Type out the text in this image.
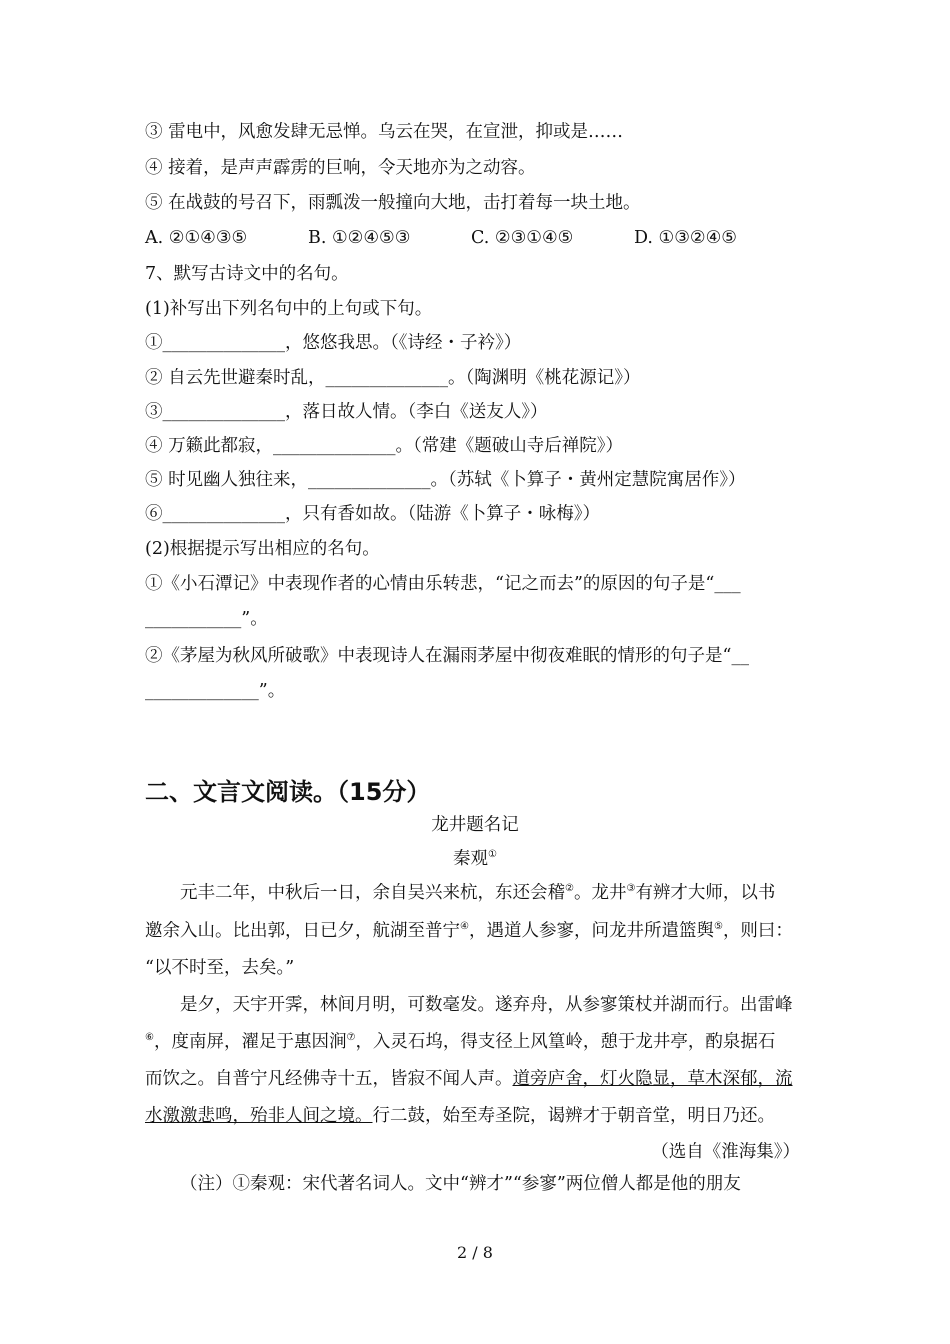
③ 雷电中，风愈发肆无忌惮。乌云在哭，在宣泄，抑或是……
④ 接着，是声声霹雳的巨响，令天地亦为之动容。
⑤ 在战鼓的号召下，雨瓢泼一般撞向大地，击打着每一块土地。
A. ②①④③⑤	B. ①②④⑤③	C. ②③①④⑤	D. ①③②④⑤
7、默写古诗文中的名句。
(1)补写出下列名句中的上句或下句。
①______________，悠悠我思。（《诗经・子衿》）
② 自云先世避秦时乱，______________。（陶渊明《桃花源记》）
③______________，落日故人情。（李白《送友人》）
④ 万籁此都寂，______________。（常建《题破山寺后禅院》）
⑤ 时见幽人独往来，______________。（苏轼《卜算子・黄州定慧院寓居作》）
⑥______________，只有香如故。（陆游《卜算子・咏梅》）
(2)根据提示写出相应的名句。
①《小石潭记》中表现作者的心情由乐转悲，“记之而去”的原因的句子是“___
___________”。
②《茅屋为秋风所破歌》中表现诗人在漏雨茅屋中彻夜难眠的情形的句子是“__
_____________”。
二、文言文阅读。（15分）
龙井题名记
秦观①
元丰二年，中秋后一日，余自吴兴来杭，东还会稽②。龙井③有辨才大师，以书
邀余入山。比出郭，日已夕，航湖至普宁④，遇道人参寥，问龙井所遣篮舆⑤，则曰：
“以不时至，去矣。”
是夕，天宇开霁，林间月明，可数毫发。遂弃舟，从参寥策杖并湖而行。出雷峰
⑥，度南屏，濯足于惠因涧⑦，入灵石坞，得支径上风篁岭，憩于龙井亭，酌泉据石
而饮之。自普宁凡经佛寺十五，皆寂不闻人声。道旁庐舍，灯火隐显，草木深郁，流
水激激悲鸣，殆非人间之境。行二鼓，始至寿圣院，谒辨才于朝音堂，明日乃还。
（选自《淮海集》）
（注）①秦观：宋代著名词人。文中“辨才”“参寥”两位僧人都是他的朋友
2 / 8
